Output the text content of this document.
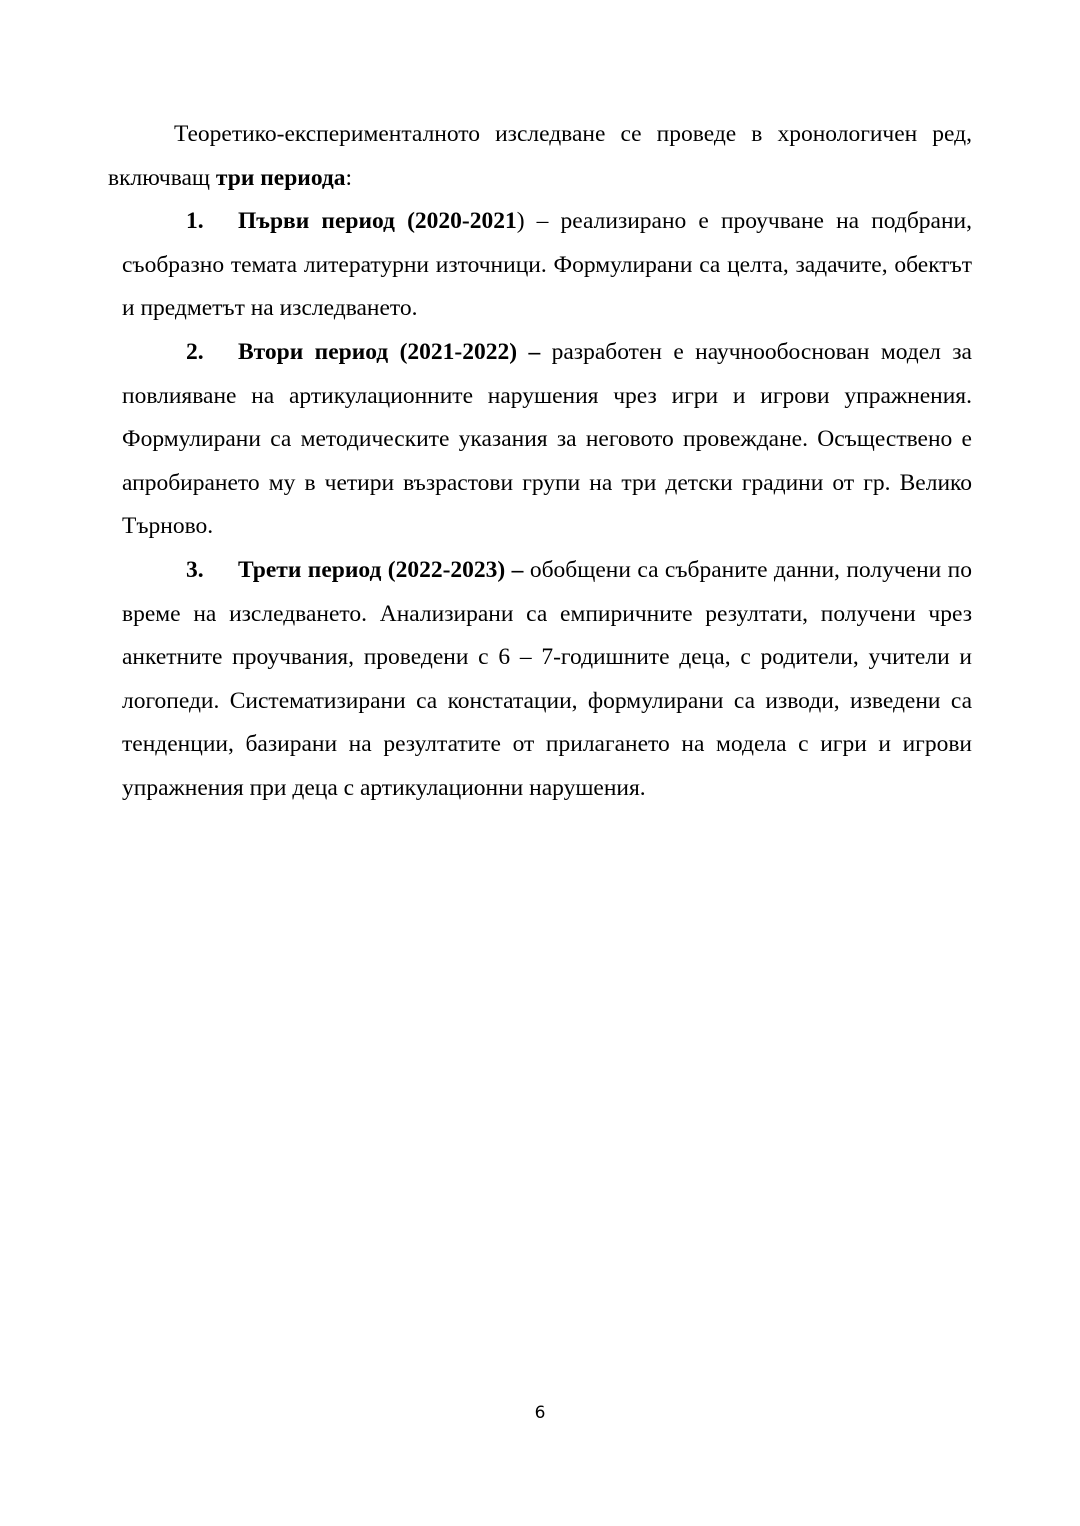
Теоретико-експерименталното изследване се проведе в хронологичен ред, включващ три периода:

1. Първи период (2020-2021) – реализирано е проучване на подбрани, съобразно темата литературни източници. Формулирани са целта, задачите, обектът и предметът на изследването.

2. Втори период (2021-2022) – разработен е научнообоснован модел за повлияване на артикулационните нарушения чрез игри и игрови упражнения. Формулирани са методическите указания за неговото провеждане. Осъществено е апробирането му в четири възрастови групи на три детски градини от гр. Велико Търново.

3. Трети период (2022-2023) – обобщени са събраните данни, получени по време на изследването. Анализирани са емпиричните резултати, получени чрез анкетните проучвания, проведени с 6 – 7-годишните деца, с родители, учители и логопеди. Систематизирани са констатации, формулирани са изводи, изведени са тенденции, базирани на резултатите от прилагането на модела с игри и игрови упражнения при деца с артикулационни нарушения.

6
